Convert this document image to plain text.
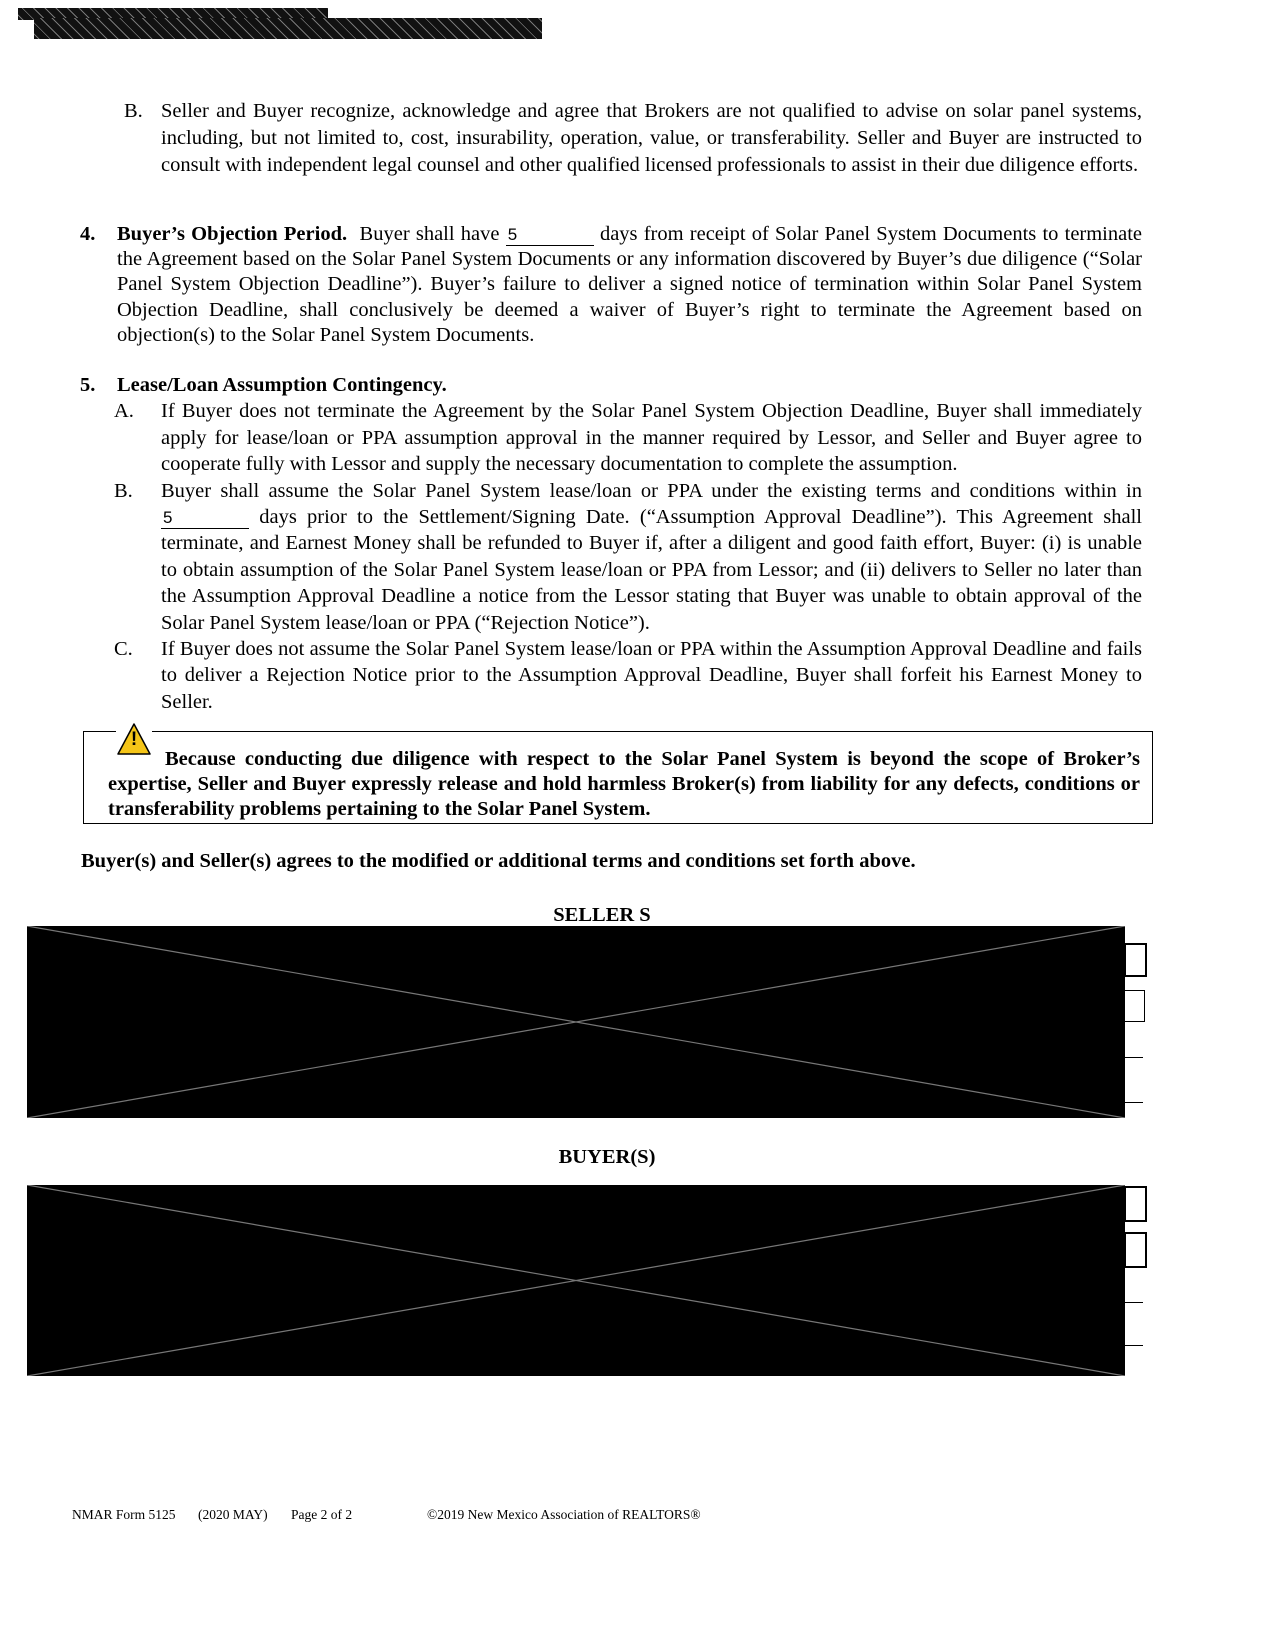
B. Seller and Buyer recognize, acknowledge and agree that Brokers are not qualified to advise on solar panel systems, including, but not limited to, cost, insurability, operation, value, or transferability. Seller and Buyer are instructed to consult with independent legal counsel and other qualified licensed professionals to assist in their due diligence efforts.
4. Buyer’s Objection Period. Buyer shall have 5	days from receipt of Solar Panel System Documents to terminate the Agreement based on the Solar Panel System Documents or any information discovered by Buyer’s due diligence (“Solar Panel System Objection Deadline”). Buyer’s failure to deliver a signed notice of termination within Solar Panel System Objection Deadline, shall conclusively be deemed a waiver of Buyer’s right to terminate the Agreement based on objection(s) to the Solar Panel System Documents.
5. Lease/Loan Assumption Contingency.
A. If Buyer does not terminate the Agreement by the Solar Panel System Objection Deadline, Buyer shall immediately apply for lease/loan or PPA assumption approval in the manner required by Lessor, and Seller and Buyer agree to cooperate fully with Lessor and supply the necessary documentation to complete the assumption.
B. Buyer shall assume the Solar Panel System lease/loan or PPA under the existing terms and conditions within in 5	days prior to the Settlement/Signing Date. (“Assumption Approval Deadline”). This Agreement shall terminate, and Earnest Money shall be refunded to Buyer if, after a diligent and good faith effort, Buyer: (i) is unable to obtain assumption of the Solar Panel System lease/loan or PPA from Lessor; and (ii) delivers to Seller no later than the Assumption Approval Deadline a notice from the Lessor stating that Buyer was unable to obtain approval of the Solar Panel System lease/loan or PPA (“Rejection Notice”).
C. If Buyer does not assume the Solar Panel System lease/loan or PPA within the Assumption Approval Deadline and fails to deliver a Rejection Notice prior to the Assumption Approval Deadline, Buyer shall forfeit his Earnest Money to Seller.
!
Because conducting due diligence with respect to the Solar Panel System is beyond the scope of Broker’s expertise, Seller and Buyer expressly release and hold harmless Broker(s) from liability for any defects, conditions or transferability problems pertaining to the Solar Panel System.
Buyer(s) and Seller(s) agrees to the modified or additional terms and conditions set forth above.
SELLER S
BUYER(S)
NMAR Form 5125 (2020 MAY) Page 2 of 2	©2019 New Mexico Association of REALTORS®
